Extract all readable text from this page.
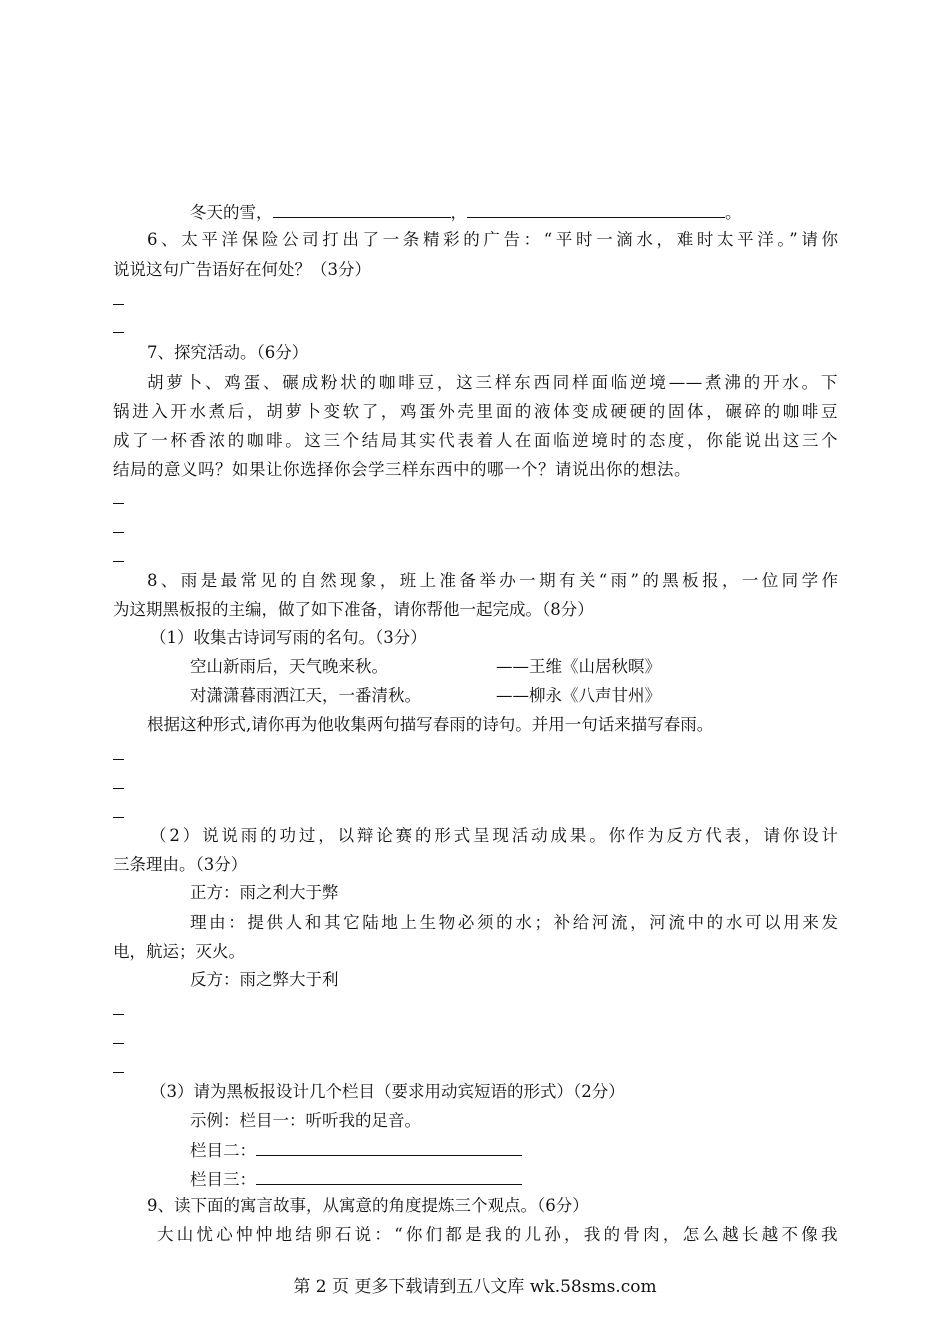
冬天的雪，	，	。
6、太平洋保险公司打出了一条精彩的广告：“平时一滴水，难时太平洋。”请你
说说这句广告语好在何处？（3分）
7、探究活动。（6分）
胡萝卜、鸡蛋、碾成粉状的咖啡豆，这三样东西同样面临逆境——煮沸的开水。下
锅进入开水煮后，胡萝卜变软了，鸡蛋外壳里面的液体变成硬硬的固体，碾碎的咖啡豆
成了一杯香浓的咖啡。这三个结局其实代表着人在面临逆境时的态度，你能说出这三个
结局的意义吗？如果让你选择你会学三样东西中的哪一个？请说出你的想法。
8、雨是最常见的自然现象，班上准备举办一期有关“雨”的黑板报，一位同学作
为这期黑板报的主编，做了如下准备，请你帮他一起完成。（8分）
（1）收集古诗词写雨的名句。（3分）
空山新雨后，天气晚来秋。	——王维《山居秋暝》
对潇潇暮雨洒江天，一番清秋。	——柳永《八声甘州》
根据这种形式,请你再为他收集两句描写春雨的诗句。并用一句话来描写春雨。
（2）说说雨的功过，以辩论赛的形式呈现活动成果。你作为反方代表，请你设计
三条理由。（3分）
正方：雨之利大于弊
理由：提供人和其它陆地上生物必须的水；补给河流，河流中的水可以用来发
电，航运；灭火。
反方：雨之弊大于利
（3）请为黑板报设计几个栏目（要求用动宾短语的形式）（2分）
示例：栏目一：听听我的足音。
栏目二：
栏目三：
9、读下面的寓言故事，从寓意的角度提炼三个观点。（6分）
大山忧心忡忡地结卵石说：“你们都是我的儿孙，我的骨肉，怎么越长越不像我
第 2 页 更多下载请到五八文库 wk.58sms.com
